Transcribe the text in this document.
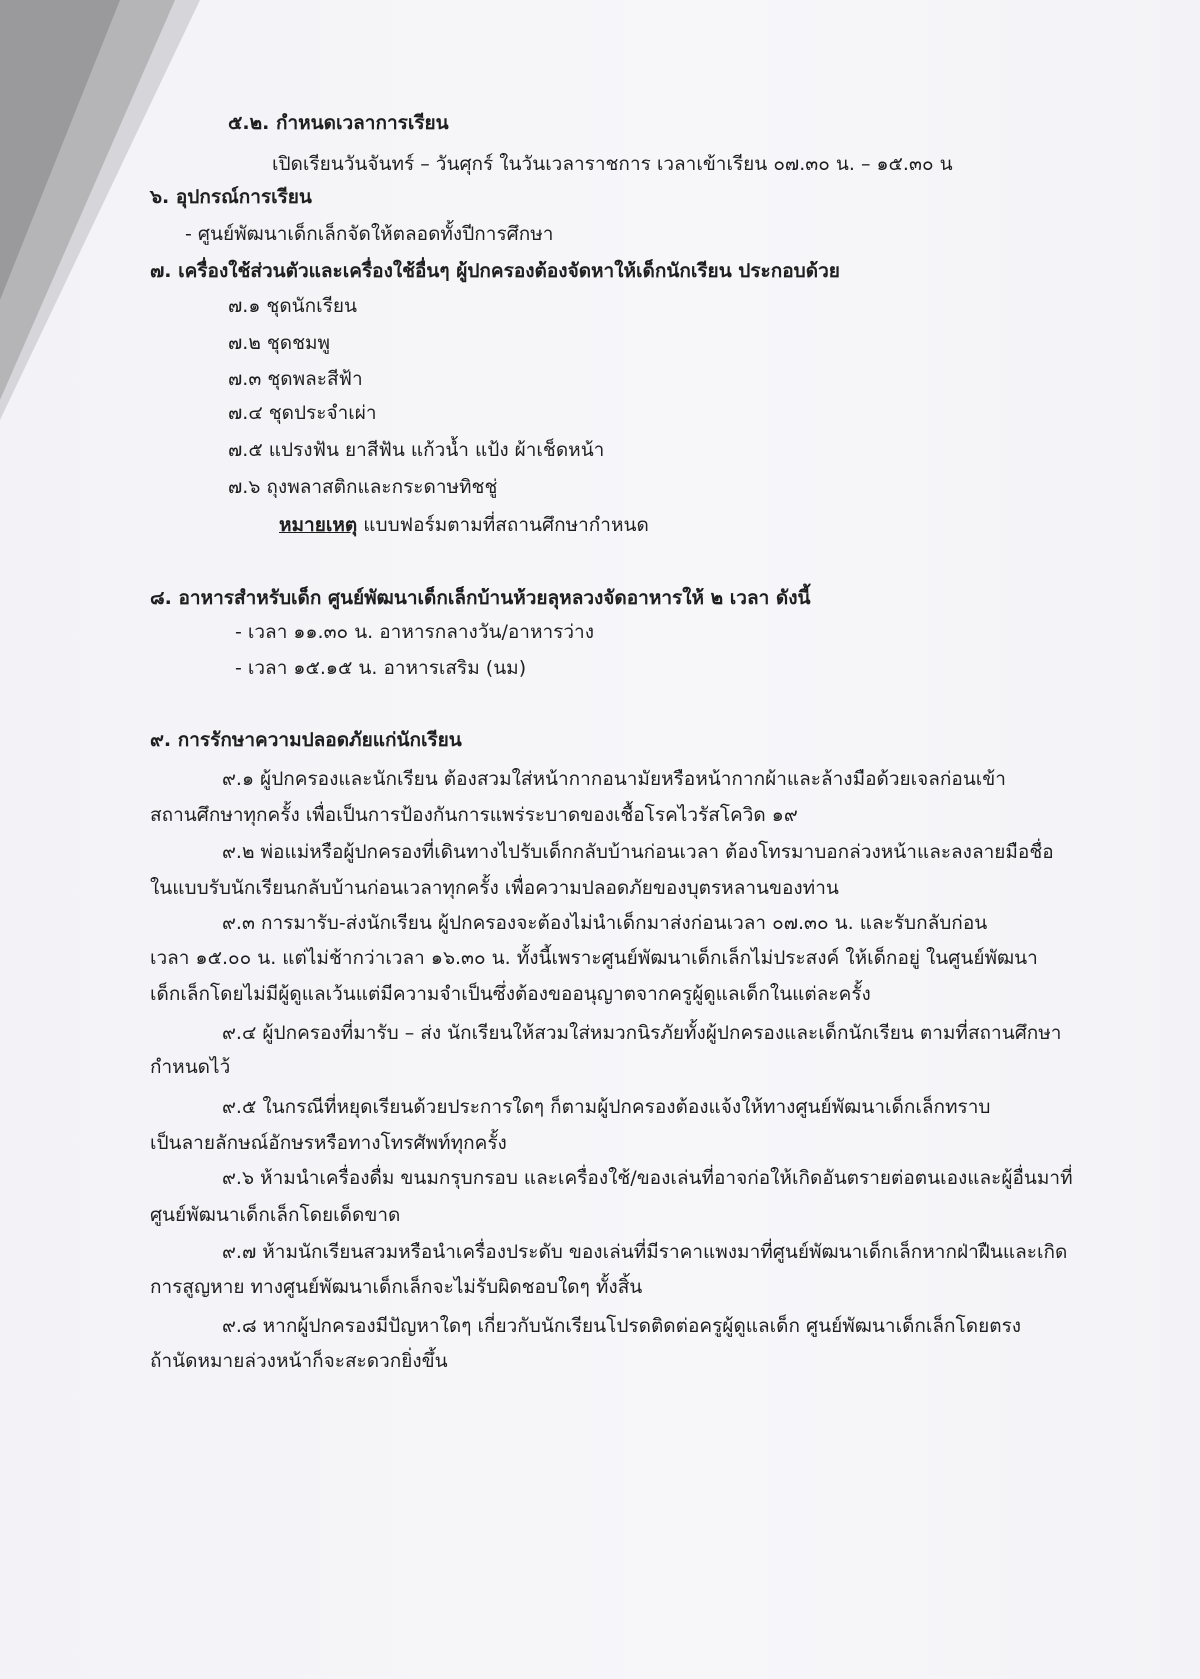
๕.๒. กำหนดเวลาการเรียน
เปิดเรียนวันจันทร์ – วันศุกร์ ในวันเวลาราชการ เวลาเข้าเรียน ๐๗.๓๐ น. – ๑๕.๓๐ น
๖. อุปกรณ์การเรียน
- ศูนย์พัฒนาเด็กเล็กจัดให้ตลอดทั้งปีการศึกษา
๗. เครื่องใช้ส่วนตัวและเครื่องใช้อื่นๆ ผู้ปกครองต้องจัดหาให้เด็กนักเรียน ประกอบด้วย
๗.๑ ชุดนักเรียน
๗.๒ ชุดชมพู
๗.๓ ชุดพละสีฟ้า
๗.๔ ชุดประจำเผ่า
๗.๕ แปรงฟัน ยาสีฟัน แก้วน้ำ แป้ง ผ้าเช็ดหน้า
๗.๖ ถุงพลาสติกและกระดาษทิชชู่
หมายเหตุ แบบฟอร์มตามที่สถานศึกษากำหนด
๘. อาหารสำหรับเด็ก ศูนย์พัฒนาเด็กเล็กบ้านห้วยลุหลวงจัดอาหารให้ ๒ เวลา ดังนี้
- เวลา ๑๑.๓๐ น. อาหารกลางวัน/อาหารว่าง
- เวลา ๑๕.๑๕ น. อาหารเสริม (นม)
๙. การรักษาความปลอดภัยแก่นักเรียน
๙.๑ ผู้ปกครองและนักเรียน ต้องสวมใส่หน้ากากอนามัยหรือหน้ากากผ้าและล้างมือด้วยเจลก่อนเข้า
สถานศึกษาทุกครั้ง เพื่อเป็นการป้องกันการแพร่ระบาดของเชื้อโรคไวรัสโควิด ๑๙
๙.๒ พ่อแม่หรือผู้ปกครองที่เดินทางไปรับเด็กกลับบ้านก่อนเวลา ต้องโทรมาบอกล่วงหน้าและลงลายมือชื่อ
ในแบบรับนักเรียนกลับบ้านก่อนเวลาทุกครั้ง เพื่อความปลอดภัยของบุตรหลานของท่าน
๙.๓ การมารับ-ส่งนักเรียน ผู้ปกครองจะต้องไม่นำเด็กมาส่งก่อนเวลา ๐๗.๓๐ น. และรับกลับก่อน
เวลา ๑๕.๐๐ น. แต่ไม่ช้ากว่าเวลา ๑๖.๓๐ น. ทั้งนี้เพราะศูนย์พัฒนาเด็กเล็กไม่ประสงค์ ให้เด็กอยู่ ในศูนย์พัฒนา
เด็กเล็กโดยไม่มีผู้ดูแลเว้นแต่มีความจำเป็นซึ่งต้องขออนุญาตจากครูผู้ดูแลเด็กในแต่ละครั้ง
๙.๔ ผู้ปกครองที่มารับ – ส่ง นักเรียนให้สวมใส่หมวกนิรภัยทั้งผู้ปกครองและเด็กนักเรียน ตามที่สถานศึกษา
กำหนดไว้
๙.๕ ในกรณีที่หยุดเรียนด้วยประการใดๆ ก็ตามผู้ปกครองต้องแจ้งให้ทางศูนย์พัฒนาเด็กเล็กทราบ
เป็นลายลักษณ์อักษรหรือทางโทรศัพท์ทุกครั้ง
๙.๖ ห้ามนำเครื่องดื่ม ขนมกรุบกรอบ และเครื่องใช้/ของเล่นที่อาจก่อให้เกิดอันตรายต่อตนเองและผู้อื่นมาที่
ศูนย์พัฒนาเด็กเล็กโดยเด็ดขาด
๙.๗ ห้ามนักเรียนสวมหรือนำเครื่องประดับ ของเล่นที่มีราคาแพงมาที่ศูนย์พัฒนาเด็กเล็กหากฝ่าฝืนและเกิด
การสูญหาย ทางศูนย์พัฒนาเด็กเล็กจะไม่รับผิดชอบใดๆ ทั้งสิ้น
๙.๘ หากผู้ปกครองมีปัญหาใดๆ เกี่ยวกับนักเรียนโปรดติดต่อครูผู้ดูแลเด็ก ศูนย์พัฒนาเด็กเล็กโดยตรง
ถ้านัดหมายล่วงหน้าก็จะสะดวกยิ่งขึ้น
